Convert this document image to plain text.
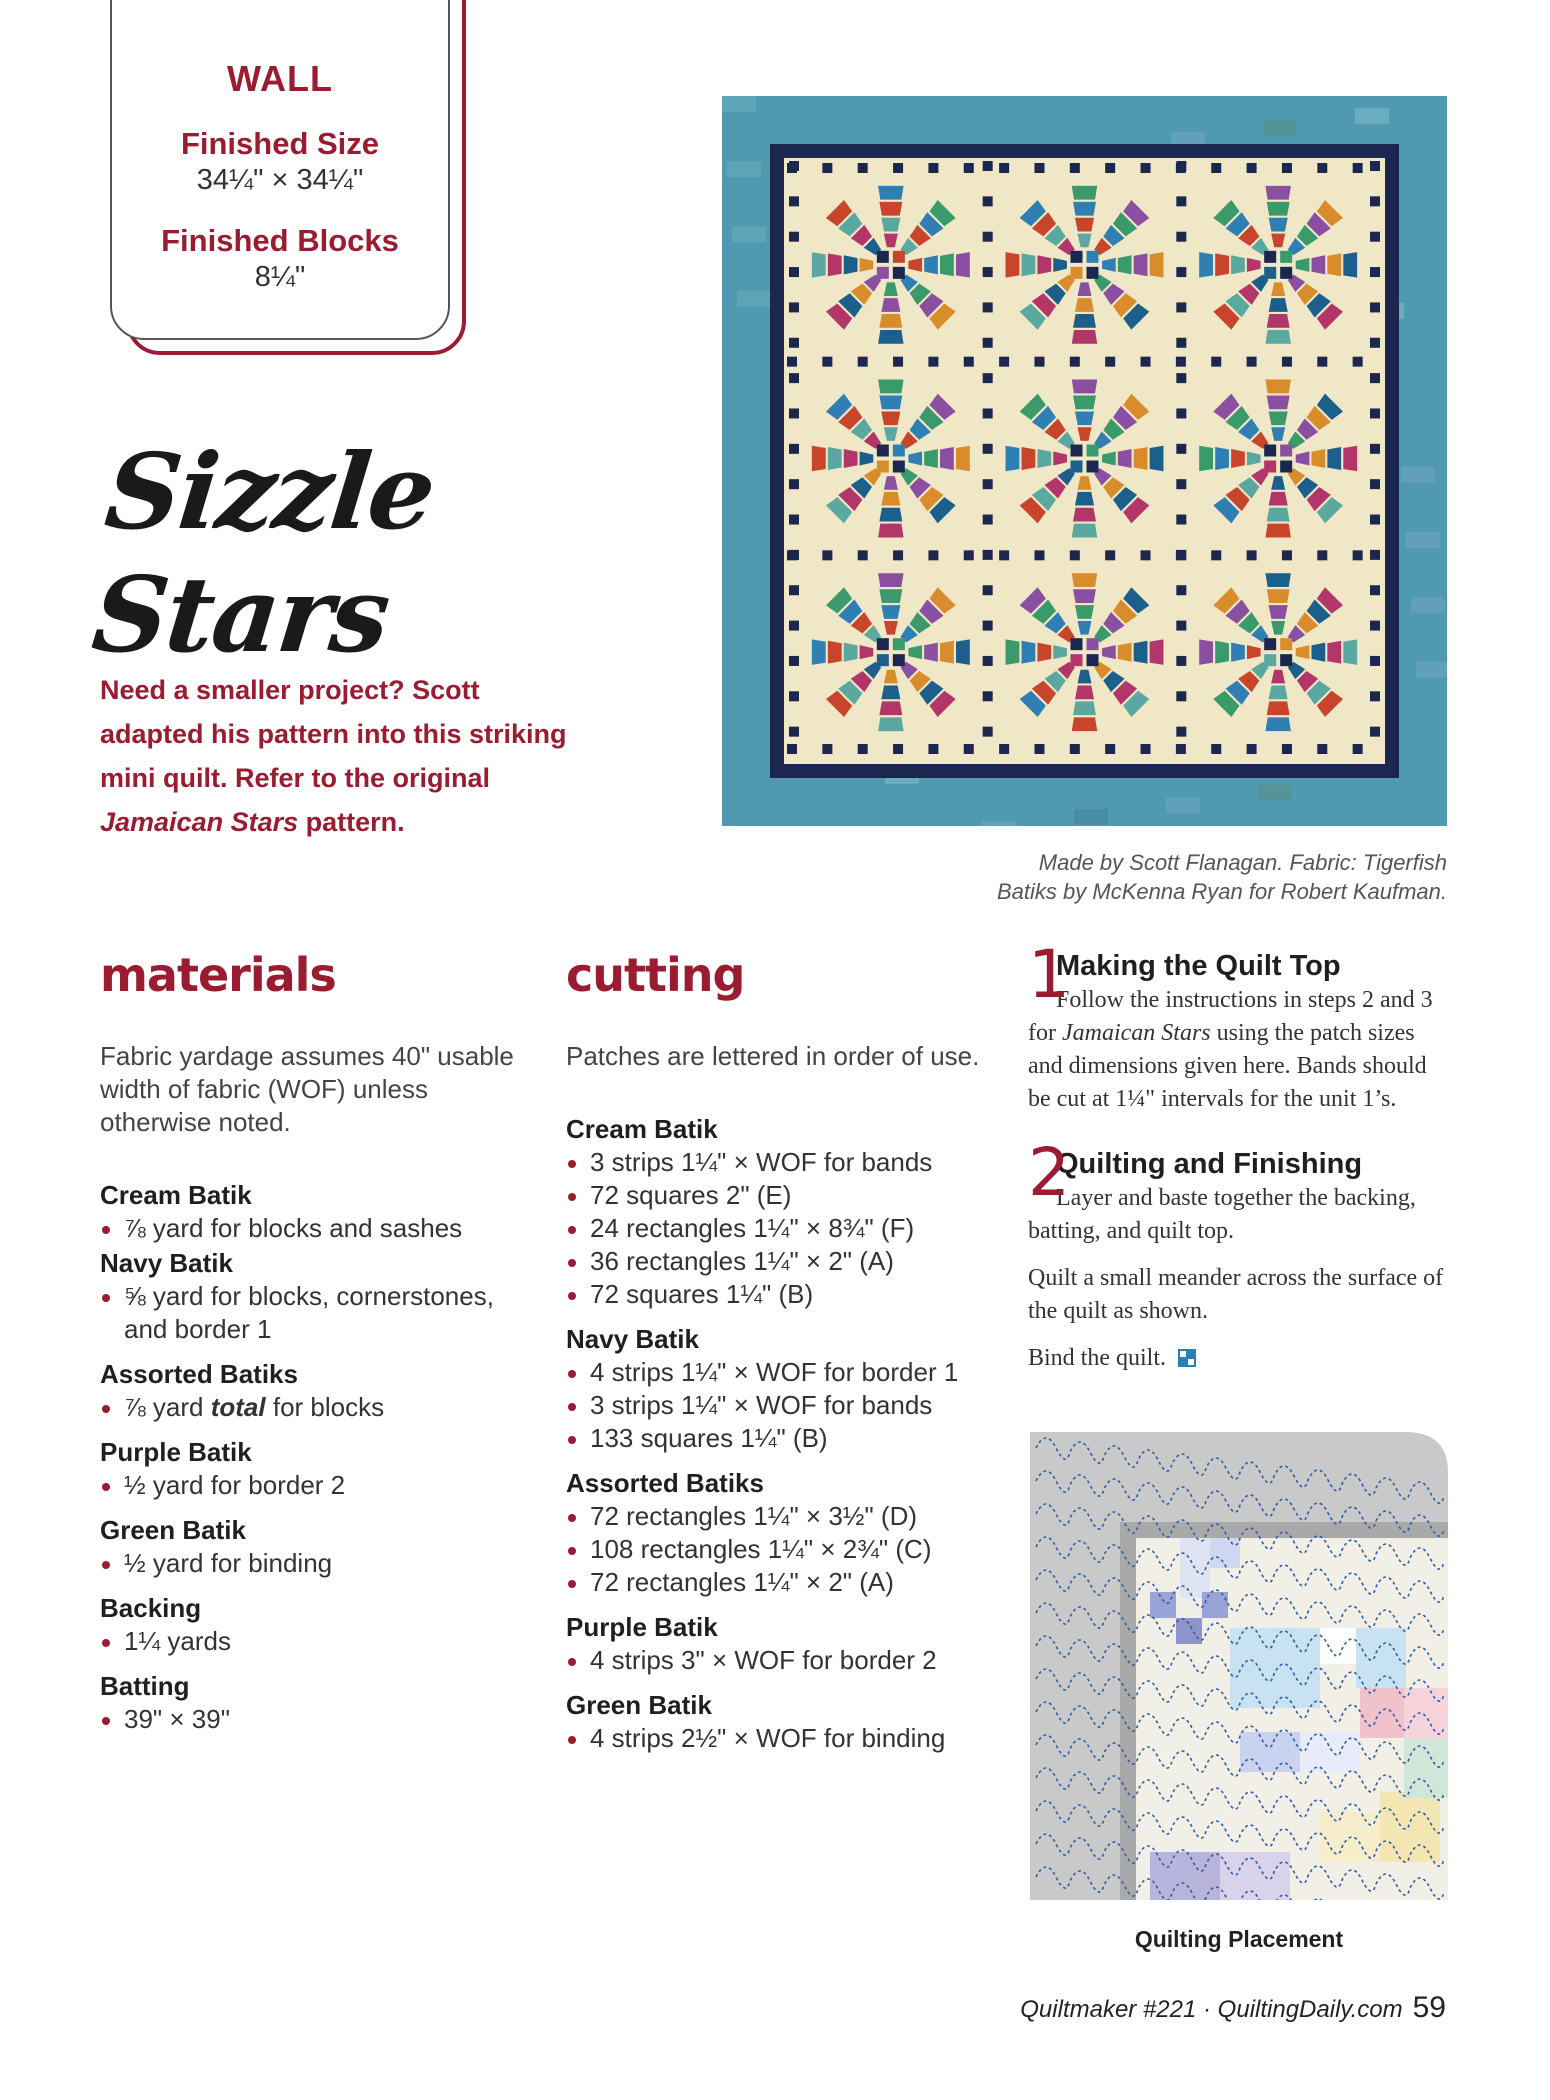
WALL
Finished Size
34¼" × 34¼"
Finished Blocks
8¼"
Sizzle Stars
Need a smaller project? Scott adapted his pattern into this striking mini quilt. Refer to the original Jamaican Stars pattern.
Made by Scott Flanagan. Fabric: Tigerfish
Batiks by McKenna Ryan for Robert Kaufman.
materials
Fabric yardage assumes 40" usable width of fabric (WOF) unless otherwise noted.
Cream Batik
⅞ yard for blocks and sashes
Navy Batik
⅝ yard for blocks, cornerstones, and border 1
Assorted Batiks
⅞ yard total for blocks
Purple Batik
½ yard for border 2
Green Batik
½ yard for binding
Backing
1¼ yards
Batting
39" × 39"
cutting
Patches are lettered in order of use.
Cream Batik
3 strips 1¼" × WOF for bands
72 squares 2" (E)
24 rectangles 1¼" × 8¾" (F)
36 rectangles 1¼" × 2" (A)
72 squares 1¼" (B)
Navy Batik
4 strips 1¼" × WOF for border 1
3 strips 1¼" × WOF for bands
133 squares 1¼" (B)
Assorted Batiks
72 rectangles 1¼" × 3½" (D)
108 rectangles 1¼" × 2¾" (C)
72 rectangles 1¼" × 2" (A)
Purple Batik
4 strips 3" × WOF for border 2
Green Batik
4 strips 2½" × WOF for binding
1
Making the Quilt Top

Follow the instructions in steps 2 and 3 for Jamaican Stars using the patch sizes and dimensions given here. Bands should be cut at 1¼" intervals for the unit 1’s.

2
Quilting and Finishing

Layer and baste together the backing, batting, and quilt top.

Quilt a small meander across the surface of the quilt as shown.

Bind the quilt.

Quilting Placement
Quiltmaker #221 · QuiltingDaily.com 59
